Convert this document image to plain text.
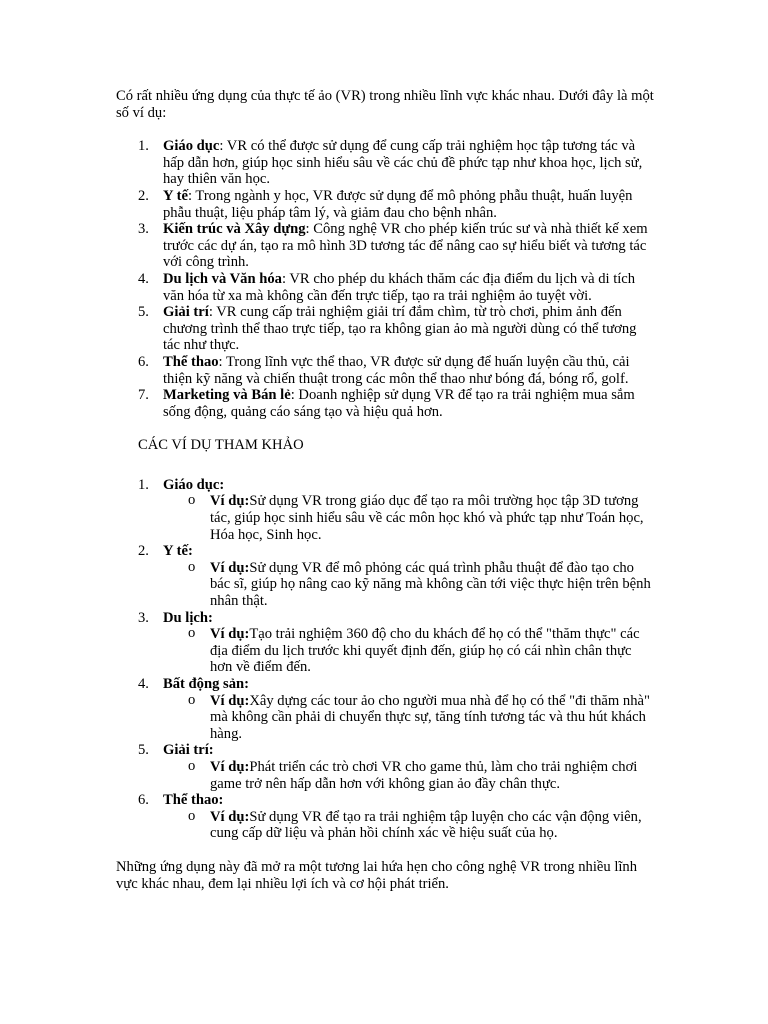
Có rất nhiều ứng dụng của thực tế ảo (VR) trong nhiều lĩnh vực khác nhau. Dưới đây là một số ví dụ:

1. Giáo dục: VR có thể được sử dụng để cung cấp trải nghiệm học tập tương tác và hấp dẫn hơn, giúp học sinh hiểu sâu về các chủ đề phức tạp như khoa học, lịch sử, hay thiên văn học.
2. Y tế: Trong ngành y học, VR được sử dụng để mô phỏng phẫu thuật, huấn luyện phẫu thuật, liệu pháp tâm lý, và giảm đau cho bệnh nhân.
3. Kiến trúc và Xây dựng: Công nghệ VR cho phép kiến trúc sư và nhà thiết kế xem trước các dự án, tạo ra mô hình 3D tương tác để nâng cao sự hiểu biết và tương tác với công trình.
4. Du lịch và Văn hóa: VR cho phép du khách thăm các địa điểm du lịch và di tích văn hóa từ xa mà không cần đến trực tiếp, tạo ra trải nghiệm ảo tuyệt vời.
5. Giải trí: VR cung cấp trải nghiệm giải trí đắm chìm, từ trò chơi, phim ảnh đến chương trình thể thao trực tiếp, tạo ra không gian ảo mà người dùng có thể tương tác như thực.
6. Thể thao: Trong lĩnh vực thể thao, VR được sử dụng để huấn luyện cầu thủ, cải thiện kỹ năng và chiến thuật trong các môn thể thao như bóng đá, bóng rổ, golf.
7. Marketing và Bán lẻ: Doanh nghiệp sử dụng VR để tạo ra trải nghiệm mua sắm sống động, quảng cáo sáng tạo và hiệu quả hơn.

CÁC VÍ DỤ THAM KHẢO

1. Giáo dục:
o Ví dụ:Sử dụng VR trong giáo dục để tạo ra môi trường học tập 3D tương tác, giúp học sinh hiểu sâu về các môn học khó và phức tạp như Toán học, Hóa học, Sinh học.
2. Y tế:
o Ví dụ:Sử dụng VR để mô phỏng các quá trình phẫu thuật để đào tạo cho bác sĩ, giúp họ nâng cao kỹ năng mà không cần tới việc thực hiện trên bệnh nhân thật.
3. Du lịch:
o Ví dụ:Tạo trải nghiệm 360 độ cho du khách để họ có thể "thăm thực" các địa điểm du lịch trước khi quyết định đến, giúp họ có cái nhìn chân thực hơn về điểm đến.
4. Bất động sản:
o Ví dụ:Xây dựng các tour ảo cho người mua nhà để họ có thể "đi thăm nhà" mà không cần phải di chuyển thực sự, tăng tính tương tác và thu hút khách hàng.
5. Giải trí:
o Ví dụ:Phát triển các trò chơi VR cho game thủ, làm cho trải nghiệm chơi game trở nên hấp dẫn hơn với không gian ảo đầy chân thực.
6. Thể thao:
o Ví dụ:Sử dụng VR để tạo ra trải nghiệm tập luyện cho các vận động viên, cung cấp dữ liệu và phản hồi chính xác về hiệu suất của họ.

Những ứng dụng này đã mở ra một tương lai hứa hẹn cho công nghệ VR trong nhiều lĩnh vực khác nhau, đem lại nhiều lợi ích và cơ hội phát triển.
